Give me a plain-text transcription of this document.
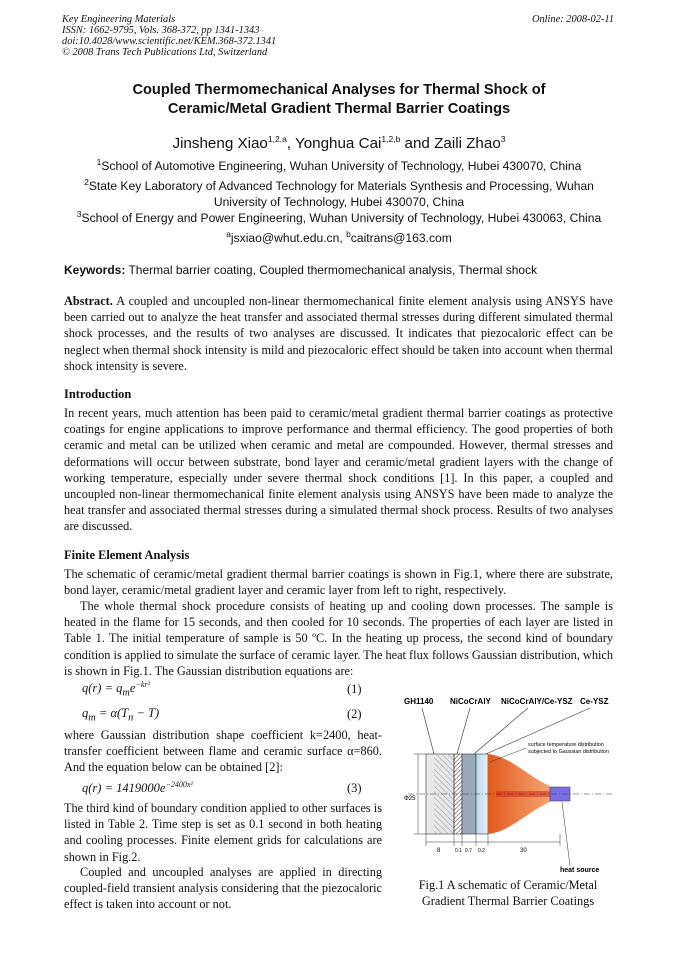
Key Engineering Materials
ISSN: 1662-9795, Vols. 368-372, pp 1341-1343
doi:10.4028/www.scientific.net/KEM.368-372.1341
© 2008 Trans Tech Publications Ltd, Switzerland
Online: 2008-02-11
Coupled Thermomechanical Analyses for Thermal Shock of
Ceramic/Metal Gradient Thermal Barrier Coatings
Jinsheng Xiao$^{1,2,a}$, Yonghua Cai$^{1,2,b}$ and Zaili Zhao$^3$
$^1$School of Automotive Engineering, Wuhan University of Technology, Hubei 430070, China
$^2$State Key Laboratory of Advanced Technology for Materials Synthesis and Processing, Wuhan University of Technology, Hubei 430070, China
$^3$School of Energy and Power Engineering, Wuhan University of Technology, Hubei 430063, China
$^a$jsxiao@whut.edu.cn, $^b$caitrans@163.com
Keywords: Thermal barrier coating, Coupled thermomechanical analysis, Thermal shock
Abstract. A coupled and uncoupled non-linear thermomechanical finite element analysis using ANSYS have been carried out to analyze the heat transfer and associated thermal stresses during different simulated thermal shock processes, and the results of two analyses are discussed. It indicates that piezocaloric effect can be neglect when thermal shock intensity is mild and piezocaloric effect should be taken into account when thermal shock intensity is severe.
Introduction
In recent years, much attention has been paid to ceramic/metal gradient thermal barrier coatings as protective coatings for engine applications to improve performance and thermal efficiency. The good properties of both ceramic and metal can be utilized when ceramic and metal are compounded. However, thermal stresses and deformations will occur between substrate, bond layer and ceramic/metal gradient layers with the change of working temperature, especially under severe thermal shock conditions [1]. In this paper, a coupled and uncoupled non-linear thermomechanical finite element analysis using ANSYS have been made to analyze the heat transfer and associated thermal stresses during a simulated thermal shock process. Results of two analyses are discussed.
Finite Element Analysis
The schematic of ceramic/metal gradient thermal barrier coatings is shown in Fig.1, where there are substrate, bond layer, ceramic/metal gradient layer and ceramic layer from left to right, respectively.
The whole thermal shock procedure consists of heating up and cooling down processes. The sample is heated in the flame for 15 seconds, and then cooled for 10 seconds. The properties of each layer are listed in Table 1. The initial temperature of sample is 50 ºC. In the heating up process, the second kind of boundary condition is applied to simulate the surface of ceramic layer. The heat flux follows Gaussian distribution, which is shown in Fig.1. The Gaussian distribution equations are:
$q(r) = q_me^{-kr^2}$	(1)
$q_m = \alpha(T_n - T)$	(2)
where Gaussian distribution shape coefficient k=2400, heat-transfer coefficient between flame and ceramic surface α=860. And the equation below can be obtained [2]:
$q(r) = 1419000e^{-2400x^2}$	(3)
The third kind of boundary condition applied to other surfaces is listed in Table 2. Time step is set as 0.1 second in both heating and cooling processes. Finite element grids for calculations are shown in Fig.2.
Coupled and uncoupled analyses are applied in directing coupled-field transient analysis considering that the piezocaloric effect is taken into account or not.
GH1140 NiCoCrAlY NiCoCrAlY/Ce-YSZ Ce-YSZ
surface temperature distribution
subjected to Gaussian distribution
Φ25
8	0.1 0.7 0.2	30
heat source
Fig.1 A schematic of Ceramic/Metal
Gradient Thermal Barrier Coatings
